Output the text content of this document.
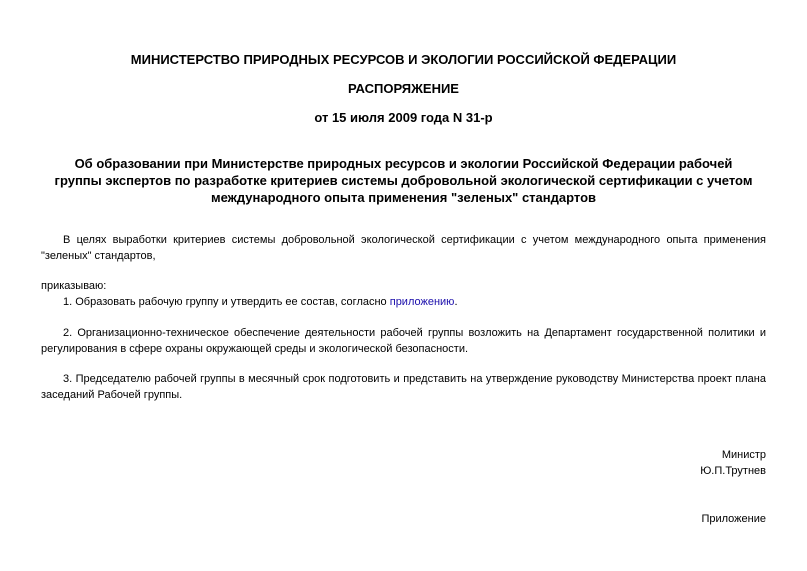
МИНИСТЕРСТВО ПРИРОДНЫХ РЕСУРСОВ И ЭКОЛОГИИ РОССИЙСКОЙ ФЕДЕРАЦИИ
РАСПОРЯЖЕНИЕ
от 15 июля 2009 года N 31-р
Об образовании при Министерстве природных ресурсов и экологии Российской Федерации рабочей
группы экспертов по разработке критериев системы добровольной экологической сертификации с учетом
международного опыта применения "зеленых" стандартов
В целях выработки критериев системы добровольной экологической сертификации с учетом международного опыта применения
"зеленых" стандартов,
приказываю:
1. Образовать рабочую группу и утвердить ее состав, согласно приложению.
2. Организационно-техническое обеспечение деятельности рабочей группы возложить на Департамент государственной политики и
регулирования в сфере охраны окружающей среды и экологической безопасности.
3. Председателю рабочей группы в месячный срок подготовить и представить на утверждение руководству Министерства проект плана
заседаний Рабочей группы.
Министр
Ю.П.Трутнев
Приложение
